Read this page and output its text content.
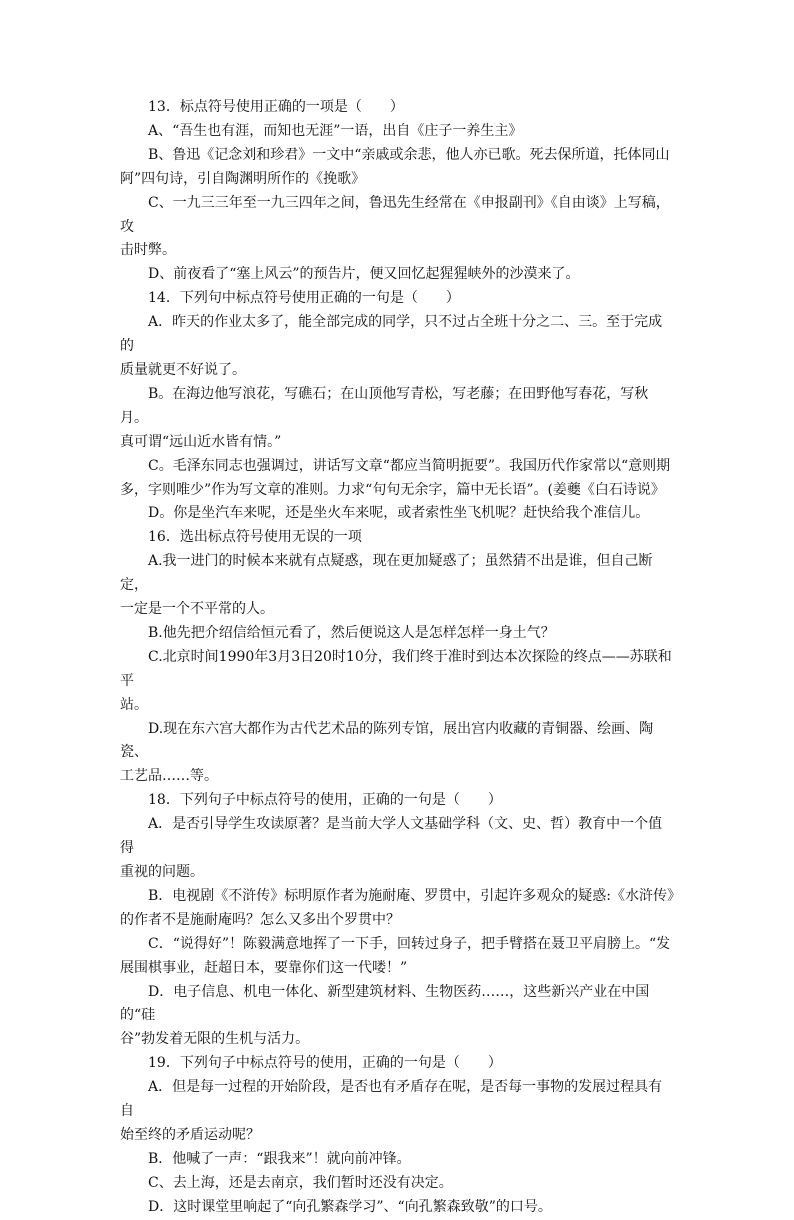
13．标点符号使用正确的一项是（　　）
A、“吾生也有涯，而知也无涯”一语，出自《庄子一养生主》
B、鲁迅《记念刘和珍君》一文中“亲戚或余悲，他人亦已歌。死去保所道，托体同山
阿”四句诗，引自陶渊明所作的《挽歌》
C、一九三三年至一九三四年之间，鲁迅先生经常在《申报副刊》《自由谈》上写稿，攻
击时弊。
D、前夜看了“塞上风云”的预告片，便又回忆起猩猩峡外的沙漠来了。
14．下列句中标点符号使用正确的一句是（　　）
A．昨天的作业太多了，能全部完成的同学，只不过占全班十分之二、三。至于完成的
质量就更不好说了。
B。在海边他写浪花，写礁石；在山顶他写青松，写老藤；在田野他写春花，写秋月。
真可谓“远山近水皆有情。”
C。毛泽东同志也强调过，讲话写文章“都应当简明扼要”。我国历代作家常以“意则期
多，字则唯少”作为写文章的准则。力求“句句无余字，篇中无长语”。(姜夔《白石诗说》
D。你是坐汽车来呢，还是坐火车来呢，或者索性坐飞机呢？赶快给我个准信儿。
16．选出标点符号使用无误的一项
A.我一进门的时候本来就有点疑惑，现在更加疑惑了；虽然猜不出是谁，但自己断定，
一定是一个不平常的人。
B.他先把介绍信给恒元看了，然后便说这人是怎样怎样一身土气？
C.北京时间1990年3月3日20时10分，我们终于准时到达本次探险的终点——苏联和平
站。
D.现在东六宫大都作为古代艺术品的陈列专馆，展出宫内收藏的青铜器、绘画、陶瓷、
工艺品……等。
18．下列句子中标点符号的使用，正确的一句是（　　）
A．是否引导学生攻读原著？是当前大学人文基础学科（文、史、哲）教育中一个值得
重视的问题。
B．电视剧《不浒传》标明原作者为施耐庵、罗贯中，引起许多观众的疑惑:《水浒传》
的作者不是施耐庵吗？怎么又多出个罗贯中？
C．“说得好”！陈毅满意地挥了一下手，回转过身子，把手臂搭在聂卫平肩膀上。“发
展围棋事业，赶超日本，要靠你们这一代喽！”
D．电子信息、机电一体化、新型建筑材料、生物医药……，这些新兴产业在中国的“硅
谷”勃发着无限的生机与活力。
19．下列句子中标点符号的使用，正确的一句是（　　）
A．但是每一过程的开始阶段，是否也有矛盾存在呢，是否每一事物的发展过程具有自
始至终的矛盾运动呢？
B．他喊了一声：“跟我来”！就向前冲锋。
C、去上海，还是去南京，我们暂时还没有决定。
D．这时课堂里响起了“向孔繁森学习”、“向孔繁森致敬”的口号。
